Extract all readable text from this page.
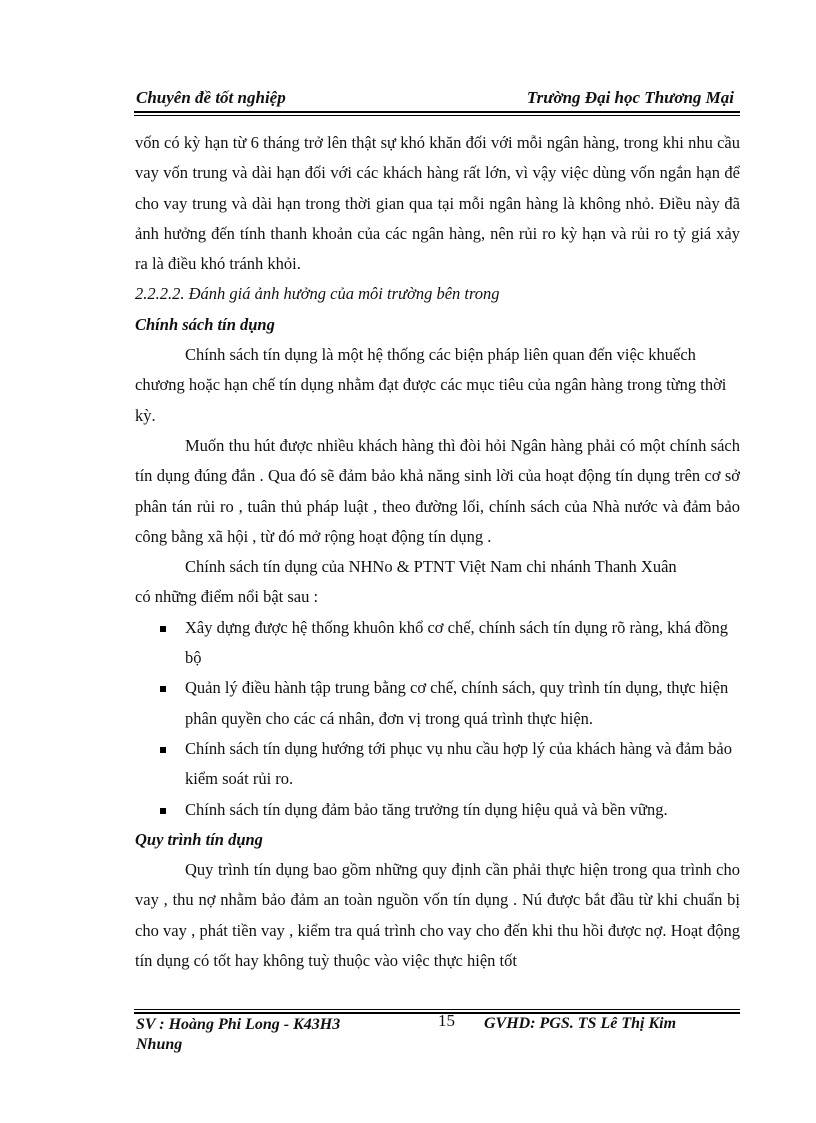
Chuyên đề tốt nghiệp	Trường Đại học Thương Mại

vốn có kỳ hạn từ 6 tháng trở lên thật sự khó khăn đối với mỗi ngân hàng, trong khi nhu cầu vay vốn trung và dài hạn đối với các khách hàng rất lớn, vì vậy việc dùng vốn ngắn hạn để cho vay trung và dài hạn trong thời gian qua tại mỗi ngân hàng là không nhỏ. Điều này đã ảnh hưởng đến tính thanh khoản của các ngân hàng, nên rủi ro kỳ hạn và rủi ro tỷ giá xảy ra là điều khó tránh khỏi.

2.2.2.2. Đánh giá ảnh hưởng của môi trường bên trong

Chính sách tín dụng

Chính sách tín dụng là một hệ thống các biện pháp liên quan đến việc khuếch chương hoặc hạn chế tín dụng nhằm đạt được các mục tiêu của ngân hàng trong từng thời kỳ.

Muốn thu hút được nhiều khách hàng thì đòi hỏi Ngân hàng phải có một chính sách tín dụng đúng đắn . Qua đó sẽ đảm bảo khả năng sinh lời của hoạt động tín dụng trên cơ sở phân tán rủi ro , tuân thủ pháp luật , theo đường lối, chính sách của Nhà nước và đảm bảo công bằng xã hội , từ đó mở rộng hoạt động tín dụng .

Chính sách tín dụng của NHNo & PTNT Việt Nam chi nhánh Thanh Xuân

có những điểm nổi bật sau :

Xây dựng được hệ thống khuôn khổ cơ chế, chính sách tín dụng rõ ràng, khá đồng bộ
Quản lý điều hành tập trung bằng cơ chế, chính sách, quy trình tín dụng, thực hiện phân quyền cho các cá nhân, đơn vị trong quá trình thực hiện.
Chính sách tín dụng hướng tới phục vụ nhu cầu hợp lý của khách hàng và đảm bảo kiểm soát rủi ro.
Chính sách tín dụng đảm bảo tăng trưởng tín dụng hiệu quả và bền vững.

Quy trình tín dụng

Quy trình tín dụng bao gồm những quy định cần phải thực hiện trong qua trình cho vay , thu nợ nhằm bảo đảm an toàn nguồn vốn tín dụng . Nú được bắt đầu từ khi chuẩn bị cho vay , phát tiền vay , kiểm tra quá trình cho vay cho đến khi thu hồi được nợ. Hoạt động tín dụng có tốt hay không tuỳ thuộc vào việc thực hiện tốt

SV : Hoàng Phi Long - K43H3
Nhung
15 GVHD: PGS. TS Lê Thị Kim
